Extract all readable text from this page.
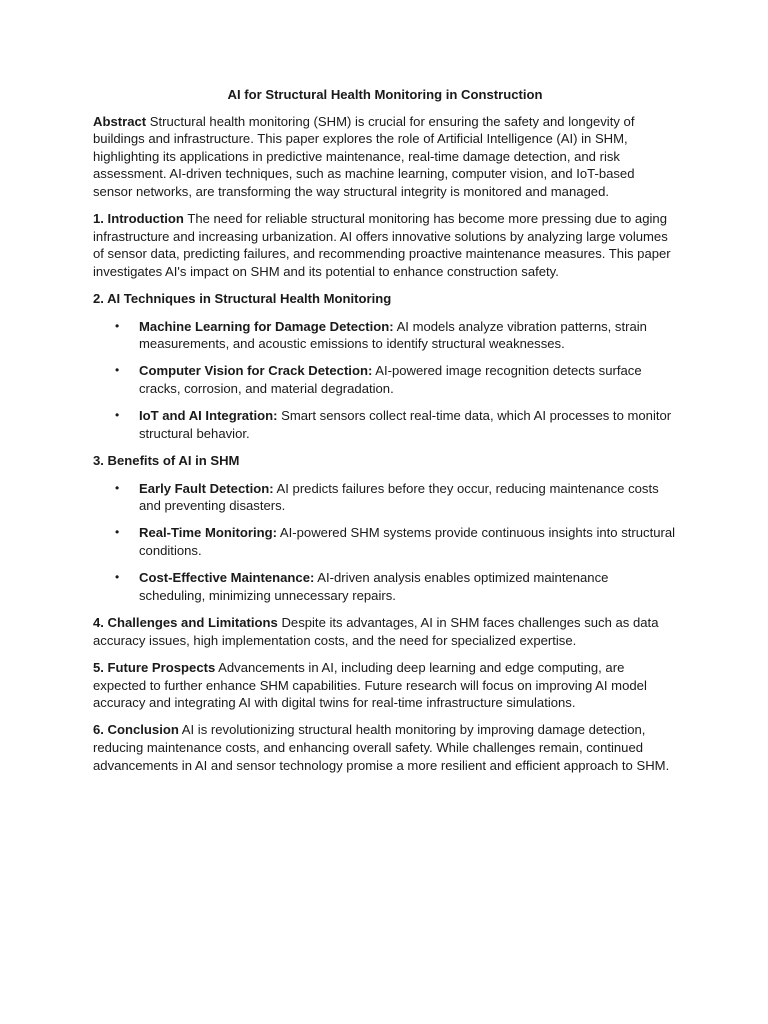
AI for Structural Health Monitoring in Construction

Abstract Structural health monitoring (SHM) is crucial for ensuring the safety and longevity of buildings and infrastructure. This paper explores the role of Artificial Intelligence (AI) in SHM, highlighting its applications in predictive maintenance, real-time damage detection, and risk assessment. AI-driven techniques, such as machine learning, computer vision, and IoT-based sensor networks, are transforming the way structural integrity is monitored and managed.

1. Introduction The need for reliable structural monitoring has become more pressing due to aging infrastructure and increasing urbanization. AI offers innovative solutions by analyzing large volumes of sensor data, predicting failures, and recommending proactive maintenance measures. This paper investigates AI's impact on SHM and its potential to enhance construction safety.

2. AI Techniques in Structural Health Monitoring
• Machine Learning for Damage Detection: AI models analyze vibration patterns, strain measurements, and acoustic emissions to identify structural weaknesses.
• Computer Vision for Crack Detection: AI-powered image recognition detects surface cracks, corrosion, and material degradation.
• IoT and AI Integration: Smart sensors collect real-time data, which AI processes to monitor structural behavior.
3. Benefits of AI in SHM
• Early Fault Detection: AI predicts failures before they occur, reducing maintenance costs and preventing disasters.
• Real-Time Monitoring: AI-powered SHM systems provide continuous insights into structural conditions.
• Cost-Effective Maintenance: AI-driven analysis enables optimized maintenance scheduling, minimizing unnecessary repairs.

4. Challenges and Limitations Despite its advantages, AI in SHM faces challenges such as data accuracy issues, high implementation costs, and the need for specialized expertise.

5. Future Prospects Advancements in AI, including deep learning and edge computing, are expected to further enhance SHM capabilities. Future research will focus on improving AI model accuracy and integrating AI with digital twins for real-time infrastructure simulations.

6. Conclusion AI is revolutionizing structural health monitoring by improving damage detection, reducing maintenance costs, and enhancing overall safety. While challenges remain, continued advancements in AI and sensor technology promise a more resilient and efficient approach to SHM.
